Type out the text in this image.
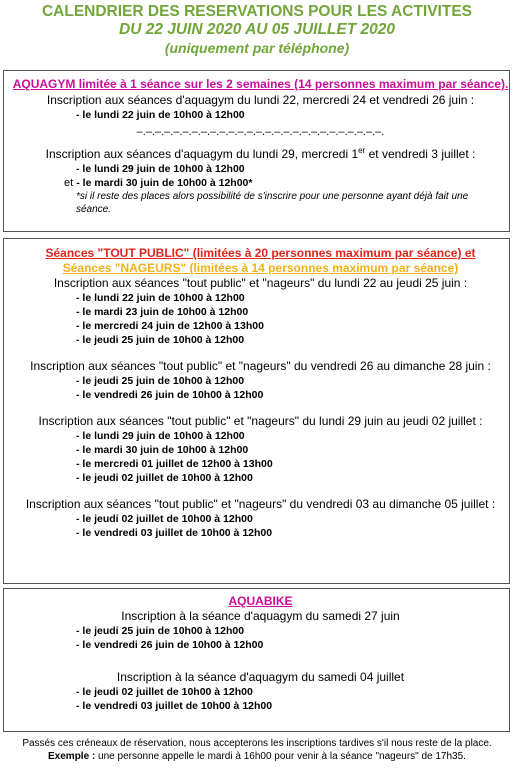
CALENDRIER DES RESERVATIONS POUR LES ACTIVITES
DU 22 JUIN 2020 AU 05 JUILLET 2020
(uniquement par téléphone)
AQUAGYM limitée à 1 séance sur les 2 semaines (14 personnes maximum par séance).
Inscription aux séances d'aquagym du lundi 22, mercredi 24 et vendredi 26 juin :
- le lundi 22 juin de 10h00 à 12h00
–.–.–.–.–.–.–.–.–.–.–.–.–.–.–.–.–.–.–.–.–.–.–.–.–.–.–.
Inscription aux séances d'aquagym du lundi 29, mercredi 1er et vendredi 3 juillet :
- le lundi 29 juin de 10h00 à 12h00
et - le mardi 30 juin de 10h00 à 12h00*
*si il reste des places alors possibilité de s'inscrire pour une personne ayant déjà fait une séance.
Séances "TOUT PUBLIC" (limitées à 20 personnes maximum par séance) et
Séances "NAGEURS" (limitées à 14 personnes maximum par séance)
Inscription aux séances "tout public" et "nageurs" du lundi 22 au jeudi 25 juin :
- le lundi 22 juin de 10h00 à 12h00
- le mardi 23 juin de 10h00 à 12h00
- le mercredi 24 juin de 12h00 à 13h00
- le jeudi 25 juin de 10h00 à 12h00
Inscription aux séances "tout public" et "nageurs" du vendredi 26 au dimanche 28 juin :
- le jeudi 25 juin de 10h00 à 12h00
- le vendredi 26 juin de 10h00 à 12h00
Inscription aux séances "tout public" et "nageurs" du lundi 29 juin au jeudi 02 juillet :
- le lundi 29 juin de 10h00 à 12h00
- le mardi 30 juin de 10h00 à 12h00
- le mercredi 01 juillet de 12h00 à 13h00
- le jeudi 02 juillet de 10h00 à 12h00
Inscription aux séances "tout public" et "nageurs" du vendredi 03 au dimanche 05 juillet :
- le jeudi 02 juillet de 10h00 à 12h00
- le vendredi 03 juillet de 10h00 à 12h00
AQUABIKE
Inscription à la séance d'aquagym du samedi 27 juin
- le jeudi 25 juin de 10h00 à 12h00
- le vendredi 26 juin de 10h00 à 12h00
Inscription à la séance d'aquagym du samedi 04 juillet
- le jeudi 02 juillet de 10h00 à 12h00
- le vendredi 03 juillet de 10h00 à 12h00
Passés ces créneaux de réservation, nous accepterons les inscriptions tardives s'il nous reste de la place.
Exemple : une personne appelle le mardi à 16h00 pour venir à la séance "nageurs" de 17h35.
